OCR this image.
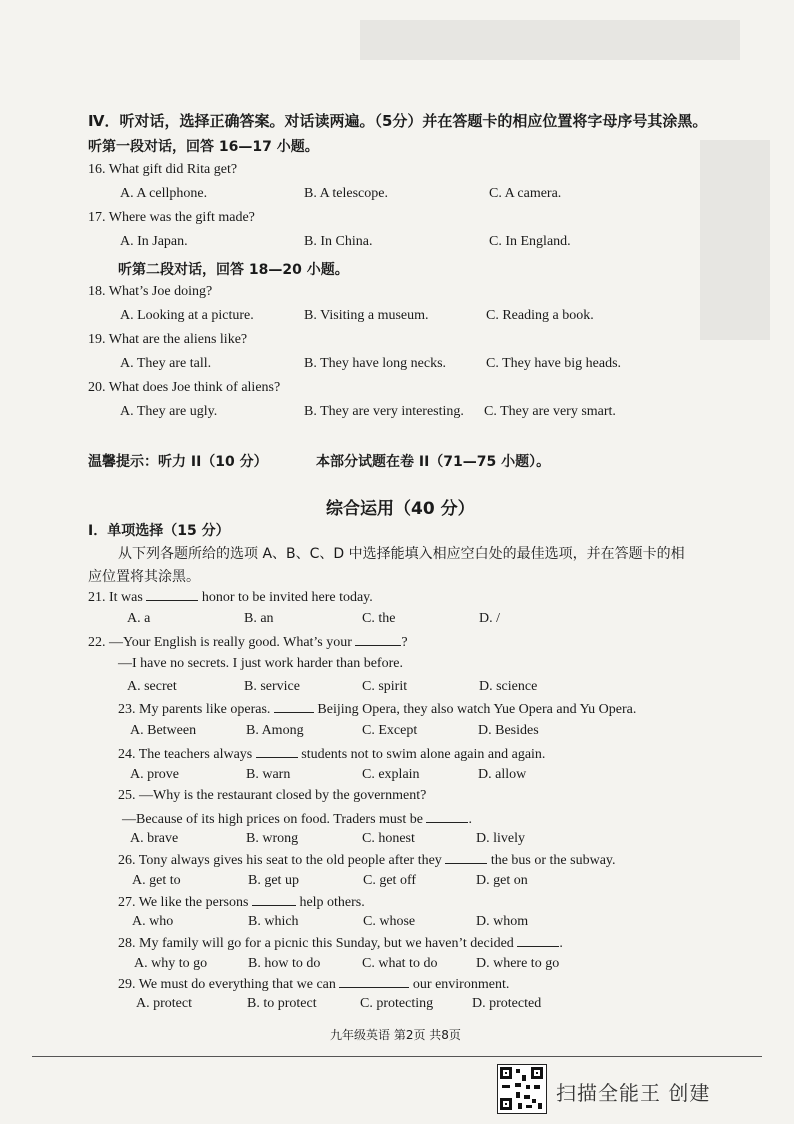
Ⅳ．听对话，选择正确答案。对话读两遍。（5分）并在答题卡的相应位置将字母序号其涂黑。
听第一段对话，回答 16—17 小题。
16. What gift did Rita get?
A. A cellphone.	B. A telescope.	C. A camera.
17. Where was the gift made?
A. In Japan.	B. In China.	C. In England.
听第二段对话，回答 18—20 小题。
18. What’s Joe doing?
A. Looking at a picture.	B. Visiting a museum.	C. Reading a book.
19. What are the aliens like?
A. They are tall.	B. They have long necks.	C. They have big heads.
20. What does Joe think of aliens?
A. They are ugly.	B. They are very interesting. C. They are very smart.
温馨提示：听力 II（10 分）	本部分试题在卷 II（71—75 小题）。
综合运用（40 分）
Ⅰ．单项选择（15 分）
从下列各题所给的选项 A、B、C、D 中选择能填入相应空白处的最佳选项，并在答题卡的相
应位置将其涂黑。
21. It was	honor to be invited here today.
A. a	B. an	C. the	D. /
22. —Your English is really good. What’s your	?
—I have no secrets. I just work harder than before.
A. secret	B. service	C. spirit	D. science
23. My parents like operas.	Beijing Opera, they also watch Yue Opera and Yu Opera.
A. Between	B. Among	C. Except	D. Besides
24. The teachers always	students not to swim alone again and again.
A. prove	B. warn	C. explain	D. allow
25. —Why is the restaurant closed by the government?
—Because of its high prices on food. Traders must be	.
A. brave	B. wrong	C. honest	D. lively
26. Tony always gives his seat to the old people after they	the bus or the subway.
A. get to	B. get up	C. get off	D. get on
27. We like the persons	help others.
A. who	B. which	C. whose	D. whom
28. My family will go for a picnic this Sunday, but we haven’t decided	.
A. why to go	B. how to do	C. what to do	D. where to go
29. We must do everything that we can	our environment.
A. protect	B. to protect	C. protecting	D. protected
九年级英语 第2页 共8页
扫描全能王 创建
